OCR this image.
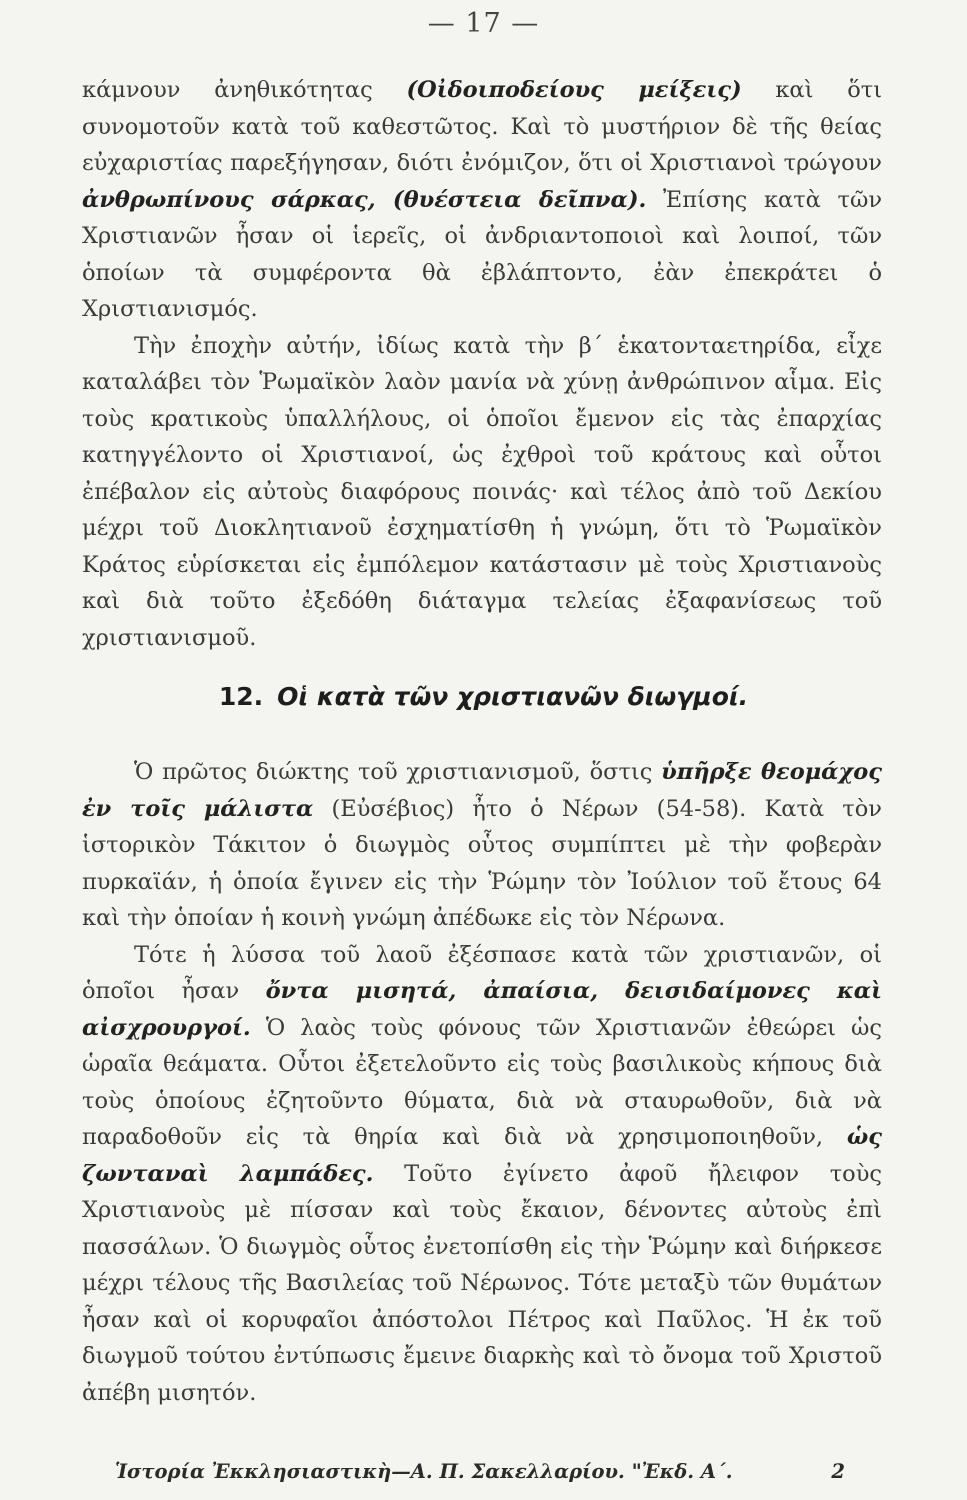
— 17 —

κάμνουν ἀνηθικότητας (Οἰδοιποδείους μείξεις) καὶ ὅτι συνομοτοῦν κατὰ τοῦ καθεστῶτος. Καὶ τὸ μυστήριον δὲ τῆς θείας εὐχαριστίας παρεξήγησαν, διότι ἐνόμιζον, ὅτι οἱ Χριστιανοὶ τρώγουν ἀνθρωπίνους σάρκας, (θυέστεια δεῖπνα). Ἐπίσης κατὰ τῶν Χριστιανῶν ἦσαν οἱ ἱερεῖς, οἱ ἀνδριαντοποιοὶ καὶ λοιποί, τῶν ὁποίων τὰ συμφέροντα θὰ ἐβλάπτοντο, ἐὰν ἐπεκράτει ὁ Χριστιανισμός.

Τὴν ἐποχὴν αὐτήν, ἰδίως κατὰ τὴν β΄ ἑκατονταετηρίδα, εἶχε καταλάβει τὸν Ῥωμαϊκὸν λαὸν μανία νὰ χύνῃ ἀνθρώπινον αἷμα. Εἰς τοὺς κρατικοὺς ὑπαλλήλους, οἱ ὁποῖοι ἔμενον εἰς τὰς ἐπαρχίας κατηγγέλοντο οἱ Χριστιανοί, ὡς ἐχθροὶ τοῦ κράτους καὶ οὗτοι ἐπέβαλον εἰς αὐτοὺς διαφόρους ποινάς· καὶ τέλος ἀπὸ τοῦ Δεκίου μέχρι τοῦ Διοκλητιανοῦ ἐσχηματίσθη ἡ γνώμη, ὅτι τὸ Ῥωμαϊκὸν Κράτος εὑρίσκεται εἰς ἐμπόλεμον κατάστασιν μὲ τοὺς Χριστιανοὺς καὶ διὰ τοῦτο ἐξεδόθη διάταγμα τελείας ἐξαφανίσεως τοῦ χριστιανισμοῦ.

12. Οἱ κατὰ τῶν χριστιανῶν διωγμοί.

Ὁ πρῶτος διώκτης τοῦ χριστιανισμοῦ, ὅστις ὑπῆρξε θεομάχος ἐν τοῖς μάλιστα (Εὐσέβιος) ἦτο ὁ Νέρων (54-58). Κατὰ τὸν ἱστορικὸν Τάκιτον ὁ διωγμὸς οὗτος συμπίπτει μὲ τὴν φοβερὰν πυρκαϊάν, ἡ ὁποία ἔγινεν εἰς τὴν Ῥώμην τὸν Ἰούλιον τοῦ ἔτους 64 καὶ τὴν ὁποίαν ἡ κοινὴ γνώμη ἀπέδωκε εἰς τὸν Νέρωνα.

Τότε ἡ λύσσα τοῦ λαοῦ ἐξέσπασε κατὰ τῶν χριστιανῶν, οἱ ὁποῖοι ἦσαν ὄντα μισητά, ἀπαίσια, δεισιδαίμονες καὶ αἰσχρουργοί. Ὁ λαὸς τοὺς φόνους τῶν Χριστιανῶν ἐθεώρει ὡς ὡραῖα θεάματα. Οὗτοι ἐξετελοῦντο εἰς τοὺς βασιλικοὺς κήπους διὰ τοὺς ὁποίους ἐζητοῦντο θύματα, διὰ νὰ σταυρωθοῦν, διὰ νὰ παραδοθοῦν εἰς τὰ θηρία καὶ διὰ νὰ χρησιμοποιηθοῦν, ὡς ζωνταναὶ λαμπάδες. Τοῦτο ἐγίνετο ἀφοῦ ἤλειφον τοὺς Χριστιανοὺς μὲ πίσσαν καὶ τοὺς ἔκαιον, δένοντες αὐτοὺς ἐπὶ πασσάλων. Ὁ διωγμὸς οὗτος ἐνετοπίσθη εἰς τὴν Ῥώμην καὶ διήρκεσε μέχρι τέλους τῆς Βασιλείας τοῦ Νέρωνος. Τότε μεταξὺ τῶν θυμάτων ἦσαν καὶ οἱ κορυφαῖοι ἀπόστολοι Πέτρος καὶ Παῦλος. Ἡ ἐκ τοῦ διωγμοῦ τούτου ἐντύπωσις ἔμεινε διαρκὴς καὶ τὸ ὄνομα τοῦ Χριστοῦ ἀπέβη μισητόν.

Ἱστορία Ἐκκλησιαστικὴ—Α. Π. Σακελλαρίου. "Ἐκδ. Α΄.	2
